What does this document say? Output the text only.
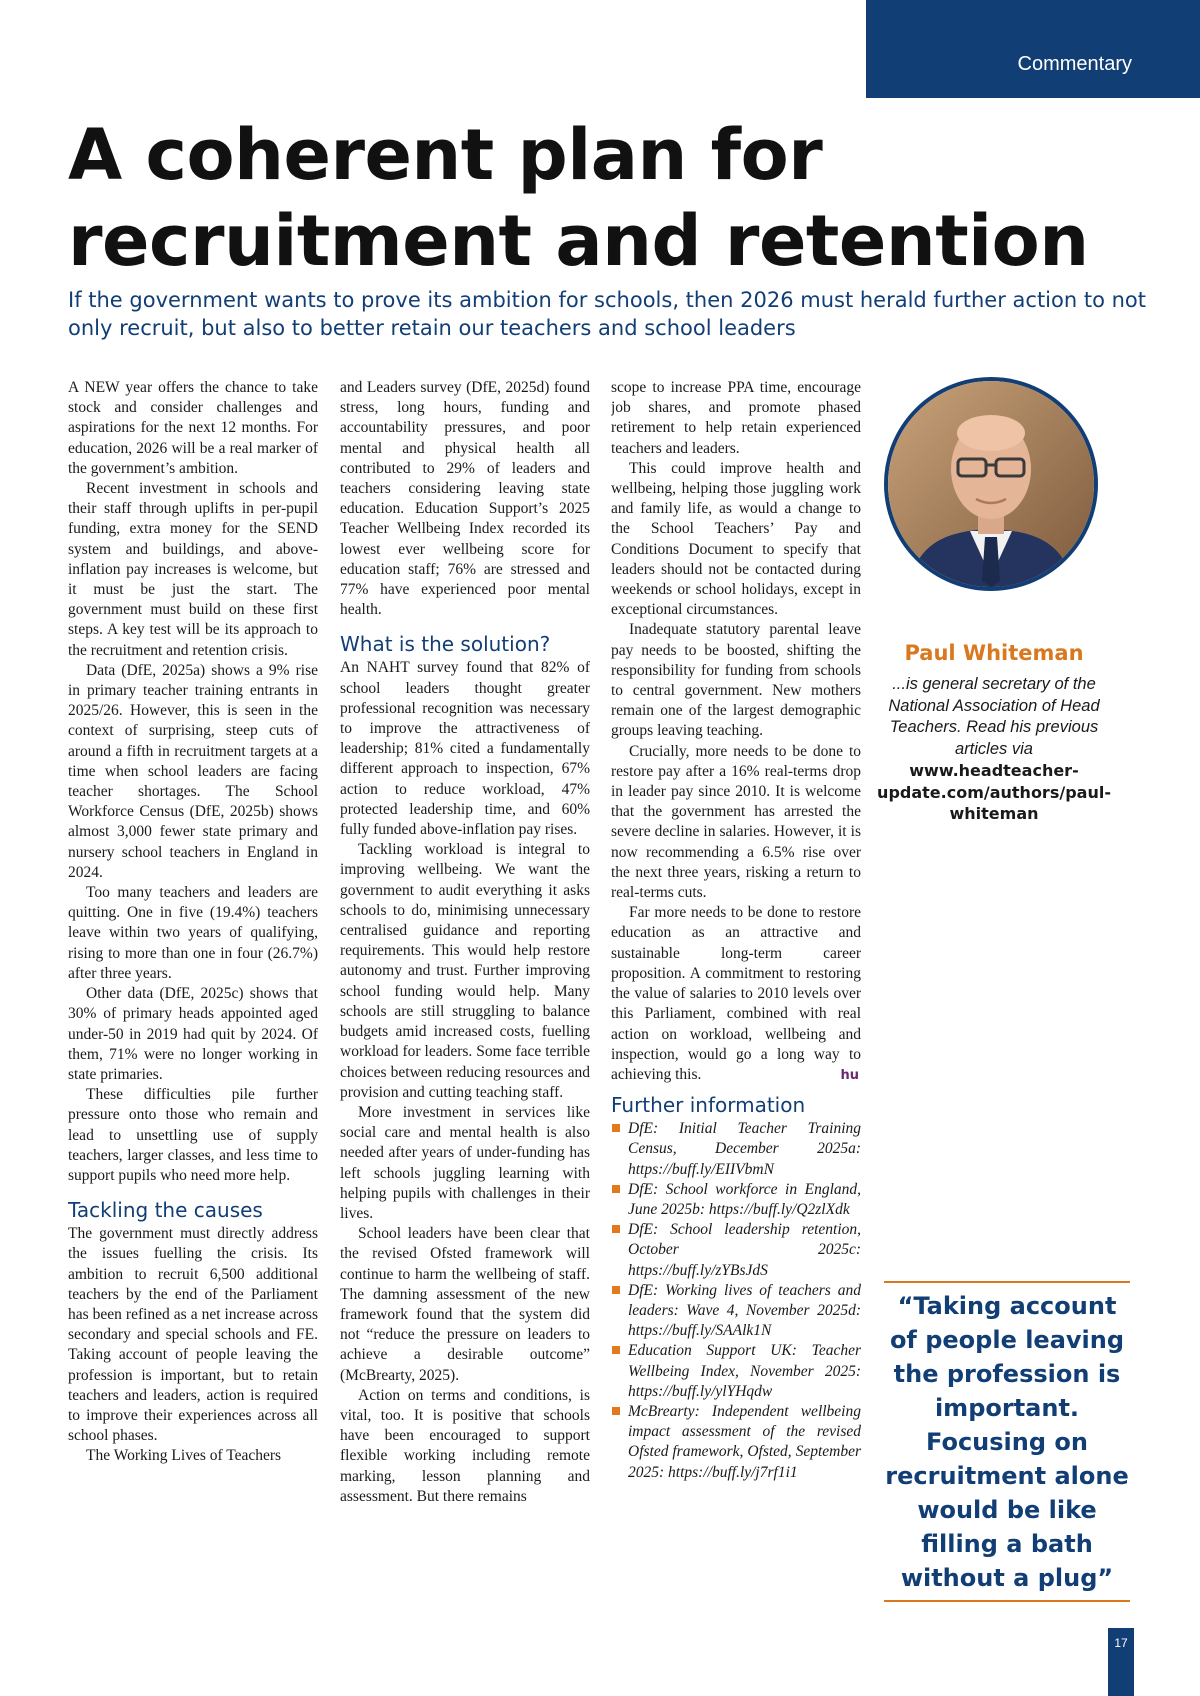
Commentary
A coherent plan for
recruitment and retention

If the government wants to prove its ambition for schools, then 2026 must herald further action to not only recruit, but also to better retain our teachers and school leaders

A NEW year offers the chance to take stock and consider challenges and aspirations for the next 12 months. For education, 2026 will be a real marker of the government’s ambition.

Recent investment in schools and their staff through uplifts in per-pupil funding, extra money for the SEND system and buildings, and above-inflation pay increases is welcome, but it must be just the start. The government must build on these first steps. A key test will be its approach to the recruitment and retention crisis.

Data (DfE, 2025a) shows a 9% rise in primary teacher training entrants in 2025/26. However, this is seen in the context of surprising, steep cuts of around a fifth in recruitment targets at a time when school leaders are facing teacher shortages. The School Workforce Census (DfE, 2025b) shows almost 3,000 fewer state primary and nursery school teachers in England in 2024.

Too many teachers and leaders are quitting. One in five (19.4%) teachers leave within two years of qualifying, rising to more than one in four (26.7%) after three years.

Other data (DfE, 2025c) shows that 30% of primary heads appointed aged under-50 in 2019 had quit by 2024. Of them, 71% were no longer working in state primaries.

These difficulties pile further pressure onto those who remain and lead to unsettling use of supply teachers, larger classes, and less time to support pupils who need more help.

Tackling the causes

The government must directly address the issues fuelling the crisis. Its ambition to recruit 6,500 additional teachers by the end of the Parliament has been refined as a net increase across secondary and special schools and FE. Taking account of people leaving the profession is important, but to retain teachers and leaders, action is required to improve their experiences across all school phases.

The Working Lives of Teachers

and Leaders survey (DfE, 2025d) found stress, long hours, funding and accountability pressures, and poor mental and physical health all contributed to 29% of leaders and teachers considering leaving state education. Education Support’s 2025 Teacher Wellbeing Index recorded its lowest ever wellbeing score for education staff; 76% are stressed and 77% have experienced poor mental health.

What is the solution?

An NAHT survey found that 82% of school leaders thought greater professional recognition was necessary to improve the attractiveness of leadership; 81% cited a fundamentally different approach to inspection, 67% action to reduce workload, 47% protected leadership time, and 60% fully funded above-inflation pay rises.

Tackling workload is integral to improving wellbeing. We want the government to audit everything it asks schools to do, minimising unnecessary centralised guidance and reporting requirements. This would help restore autonomy and trust. Further improving school funding would help. Many schools are still struggling to balance budgets amid increased costs, fuelling workload for leaders. Some face terrible choices between reducing resources and provision and cutting teaching staff.

More investment in services like social care and mental health is also needed after years of under-funding has left schools juggling learning with helping pupils with challenges in their lives.

School leaders have been clear that the revised Ofsted framework will continue to harm the wellbeing of staff. The damning assessment of the new framework found that the system did not “reduce the pressure on leaders to achieve a desirable outcome” (McBrearty, 2025).

Action on terms and conditions, is vital, too. It is positive that schools have been encouraged to support flexible working including remote marking, lesson planning and assessment. But there remains

scope to increase PPA time, encourage job shares, and promote phased retirement to help retain experienced teachers and leaders.

This could improve health and wellbeing, helping those juggling work and family life, as would a change to the School Teachers’ Pay and Conditions Document to specify that leaders should not be contacted during weekends or school holidays, except in exceptional circumstances.

Inadequate statutory parental leave pay needs to be boosted, shifting the responsibility for funding from schools to central government. New mothers remain one of the largest demographic groups leaving teaching.

Crucially, more needs to be done to restore pay after a 16% real-terms drop in leader pay since 2010. It is welcome that the government has arrested the severe decline in salaries. However, it is now recommending a 6.5% rise over the next three years, risking a return to real-terms cuts.

Far more needs to be done to restore education as an attractive and sustainable long-term career proposition. A commitment to restoring the value of salaries to 2010 levels over this Parliament, combined with real action on workload, wellbeing and inspection, would go a long way to achieving this.	hu
Further information
DfE: Initial Teacher Training Census, December 2025a: https://buff.ly/EIIVbmN
DfE: School workforce in England, June 2025b: https://buff.ly/Q2zlXdk
DfE: School leadership retention, October 2025c: https://buff.ly/zYBsJdS
DfE: Working lives of teachers and leaders: Wave 4, November 2025d: https://buff.ly/SAAlk1N
Education Support UK: Teacher Wellbeing Index, November 2025: https://buff.ly/ylYHqdw
McBrearty: Independent wellbeing impact assessment of the revised Ofsted framework, Ofsted, September 2025: https://buff.ly/j7rf1i1
Paul Whiteman
...is general secretary of the National Association of Head Teachers. Read his previous articles via
www.headteacher-update.com/authors/paul-whiteman
“Taking account of people leaving the profession is important. Focusing on recruitment alone would be like filling a bath without a plug”
17
